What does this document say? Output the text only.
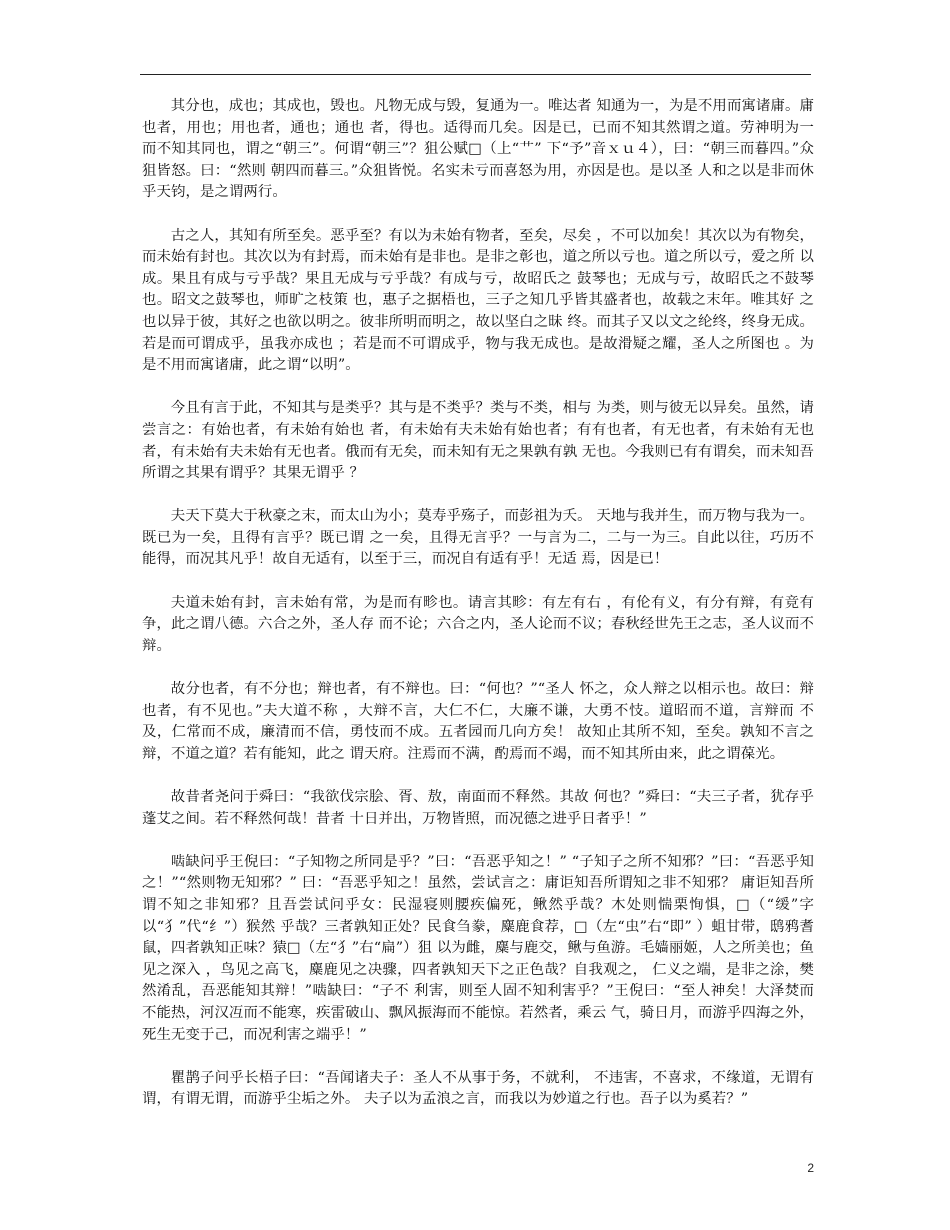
其分也，成也；其成也，毁也。凡物无成与毁，复通为一。唯达者 知通为一，为是不用而寓诸庸。庸也者，用也；用也者，通也；通也 者，得也。适得而几矣。因是已，已而不知其然谓之道。劳神明为一 而不知其同也，谓之“朝三”。何谓“朝三”？狙公赋□（上“艹” 下“予”音ｘｕ４），曰：“朝三而暮四。”众狙皆怒。曰：“然则 朝四而暮三。”众狙皆悦。名实未亏而喜怒为用，亦因是也。是以圣 人和之以是非而休乎天钧，是之谓两行。

古之人，其知有所至矣。恶乎至？有以为未始有物者，至矣，尽矣 ，不可以加矣！其次以为有物矣，而未始有封也。其次以为有封焉，而未始有是非也。是非之彰也，道之所以亏也。道之所以亏，爱之所 以成。果且有成与亏乎哉？果且无成与亏乎哉？有成与亏，故昭氏之 鼓琴也；无成与亏，故昭氏之不鼓琴也。昭文之鼓琴也，师旷之枝策 也，惠子之据梧也，三子之知几乎皆其盛者也，故载之末年。唯其好 之也以异于彼，其好之也欲以明之。彼非所明而明之，故以坚白之昧 终。而其子又以文之纶终，终身无成。若是而可谓成乎，虽我亦成也 ；若是而不可谓成乎，物与我无成也。是故滑疑之耀，圣人之所图也 。为是不用而寓诸庸，此之谓“以明”。

今且有言于此，不知其与是类乎？其与是不类乎？类与不类，相与 为类，则与彼无以异矣。虽然，请尝言之：有始也者，有未始有始也 者，有未始有夫未始有始也者；有有也者，有无也者，有未始有无也 者，有未始有夫未始有无也者。俄而有无矣，而未知有无之果孰有孰 无也。今我则已有有谓矣，而未知吾所谓之其果有谓乎？其果无谓乎 ？

夫天下莫大于秋豪之末，而太山为小；莫寿乎殇子，而彭祖为夭。 天地与我并生，而万物与我为一。既已为一矣，且得有言乎？既已谓 之一矣，且得无言乎？一与言为二，二与一为三。自此以往，巧历不 能得，而况其凡乎！故自无适有，以至于三，而况自有适有乎！无适 焉，因是已！

夫道未始有封，言未始有常，为是而有畛也。请言其畛：有左有右 ，有伦有义，有分有辩，有竞有争，此之谓八德。六合之外，圣人存 而不论；六合之内，圣人论而不议；春秋经世先王之志，圣人议而不 辩。

故分也者，有不分也；辩也者，有不辩也。曰：“何也？”“圣人 怀之，众人辩之以相示也。故曰：辩也者，有不见也。”夫大道不称 ，大辩不言，大仁不仁，大廉不谦，大勇不忮。道昭而不道，言辩而 不及，仁常而不成，廉清而不信，勇忮而不成。五者园而几向方矣！ 故知止其所不知，至矣。孰知不言之辩，不道之道？若有能知，此之 谓天府。注焉而不满，酌焉而不竭，而不知其所由来，此之谓葆光。

故昔者尧问于舜曰：“我欲伐宗脍、胥、敖，南面而不释然。其故 何也？”舜曰：“夫三子者，犹存乎蓬艾之间。若不释然何哉！昔者 十日并出，万物皆照，而况德之进乎日者乎！”

啮缺问乎王倪曰：“子知物之所同是乎？”曰：“吾恶乎知之！” “子知子之所不知邪？”曰：“吾恶乎知之！”“然则物无知邪？” 曰：“吾恶乎知之！虽然，尝试言之：庸讵知吾所谓知之非不知邪？ 庸讵知吾所谓不知之非知邪？且吾尝试问乎女：民湿寝则腰疾偏死，鳅然乎哉？木处则惴栗恂惧，□（“缓”字以“犭”代“纟”）猴然 乎哉？三者孰知正处？民食刍豢，麋鹿食荐，□（左“虫”右“即” ）蛆甘带，鸱鸦耆鼠，四者孰知正味？猿□（左“犭”右“扁”）狙 以为雌，麋与鹿交，鳅与鱼游。毛嫱丽姬，人之所美也；鱼见之深入 ，鸟见之高飞，麋鹿见之决骤，四者孰知天下之正色哉？自我观之， 仁义之端，是非之涂，樊然淆乱，吾恶能知其辩！”啮缺曰：“子不 利害，则至人固不知利害乎？”王倪曰：“至人神矣！大泽焚而不能热，河汉冱而不能寒，疾雷破山、飘风振海而不能惊。若然者，乘云 气，骑日月，而游乎四海之外，死生无变于己，而况利害之端乎！”

瞿鹊子问乎长梧子曰：“吾闻诸夫子：圣人不从事于务，不就利， 不违害，不喜求，不缘道，无谓有谓，有谓无谓，而游乎尘垢之外。 夫子以为孟浪之言，而我以为妙道之行也。吾子以为奚若？”

2
